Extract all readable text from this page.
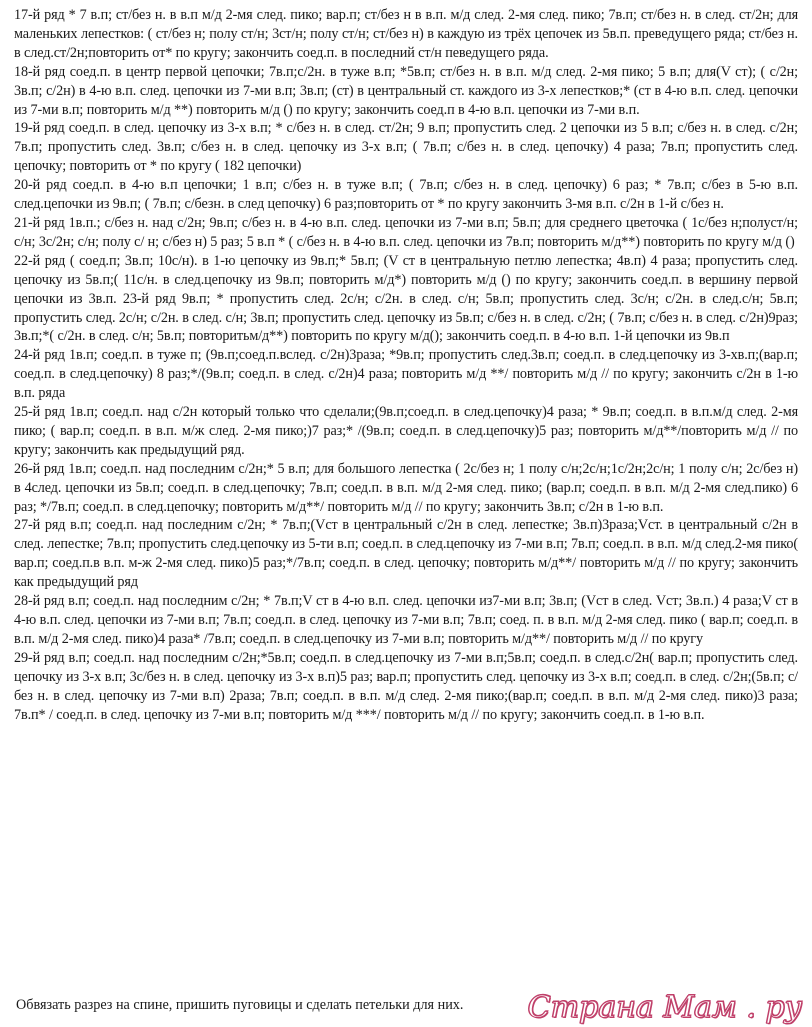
17-й ряд * 7 в.п; ст/без н. в в.п м/д 2-мя след. пико; вар.п; ст/без н в в.п. м/д след. 2-мя след. пико; 7в.п; ст/без н. в след. ст/2н; для маленьких лепестков: ( ст/без н; полу ст/н; 3ст/н; полу ст/н; ст/без н) в каждую из трёх цепочек из 5в.п. преведущего ряда; ст/без н. в след.ст/2н;повторить от* по кругу; закончить соед.п. в последний ст/н певедущего ряда.

18-й ряд соед.п. в центр первой цепочки; 7в.п;с/2н. в туже в.п; *5в.п; ст/без н. в в.п. м/д след. 2-мя пико; 5 в.п; для(V ст); ( с/2н; 3в.п; с/2н) в 4-ю в.п. след. цепочки из 7-ми в.п; 3в.п; (ст) в центральный ст. каждого из 3-х лепестков;* (ст в 4-ю в.п. след. цепочки из 7-ми в.п; повторить м/д **) повторить м/д () по кругу; закончить соед.п в 4-ю в.п. цепочки из 7-ми в.п.

19-й ряд соед.п. в след. цепочку из 3-х в.п; * с/без н. в след. ст/2н; 9 в.п; пропустить след. 2 цепочки из 5 в.п; с/без н. в след. с/2н; 7в.п; пропустить след. 3в.п; с/без н. в след. цепочку из 3-х в.п; ( 7в.п; с/без н. в след. цепочку) 4 раза; 7в.п; пропустить след. цепочку; повторить от * по кругу ( 182 цепочки)

20-й ряд соед.п. в 4-ю в.п цепочки; 1 в.п; с/без н. в туже в.п; ( 7в.п; с/без н. в след. цепочку) 6 раз; * 7в.п; с/без в 5-ю в.п. след.цепочки из 9в.п; ( 7в.п; с/безн. в след цепочку) 6 раз;повторить от * по кругу закончить 3-мя в.п. с/2н в 1-й с/без н.

21-й ряд 1в.п.; с/без н. над с/2н; 9в.п; с/без н. в 4-ю в.п. след. цепочки из 7-ми в.п; 5в.п; для среднего цветочка ( 1с/без н;полуст/н; с/н; 3с/2н; с/н; полу с/ н; с/без н) 5 раз; 5 в.п * ( с/без н. в 4-ю в.п. след. цепочки из 7в.п; повторить м/д**) повторить по кругу м/д ()

22-й ряд ( соед.п; 3в.п; 10с/н). в 1-ю цепочку из 9в.п;* 5в.п; (V ст в центральную петлю лепестка; 4в.п) 4 раза; пропустить след. цепочку из 5в.п;( 11с/н. в след.цепочку из 9в.п; повторить м/д*) повторить м/д () по кругу; закончить соед.п. в вершину первой цепочки из 3в.п. 23-й ряд 9в.п; * пропустить след. 2с/н; с/2н. в след. с/н; 5в.п; пропустить след. 3с/н; с/2н. в след.с/н; 5в.п; пропустить след. 2с/н; с/2н. в след. с/н; 3в.п; пропустить след. цепочку из 5в.п; с/без н. в след. с/2н; ( 7в.п; с/без н. в след. с/2н)9раз; 3в.п;*( с/2н. в след. с/н; 5в.п; повторитьм/д**) повторить по кругу м/д(); закончить соед.п. в 4-ю в.п. 1-й цепочки из 9в.п

24-й ряд 1в.п; соед.п. в туже п; (9в.п;соед.п.вслед. с/2н)3раза; *9в.п; пропустить след.3в.п; соед.п. в след.цепочку из 3-хв.п;(вар.п; соед.п. в след.цепочку) 8 раз;*/(9в.п; соед.п. в след. с/2н)4 раза; повторить м/д **/ повторить м/д // по кругу; закончить с/2н в 1-ю в.п. ряда

25-й ряд 1в.п; соед.п. над с/2н который только что сделали;(9в.п;соед.п. в след.цепочку)4 раза; * 9в.п; соед.п. в в.п.м/д след. 2-мя пико; ( вар.п; соед.п. в в.п. м/ж след. 2-мя пико;)7 раз;* /(9в.п; соед.п. в след.цепочку)5 раз; повторить м/д**/повторить м/д // по кругу; закончить как предыдущий ряд.

26-й ряд 1в.п; соед.п. над последним с/2н;* 5 в.п; для большого лепестка ( 2с/без н; 1 полу с/н;2с/н;1с/2н;2с/н; 1 полу с/н; 2с/без н) в 4след. цепочки из 5в.п; соед.п. в след.цепочку; 7в.п; соед.п. в в.п. м/д 2-мя след. пико; (вар.п; соед.п. в в.п. м/д 2-мя след.пико) 6 раз; */7в.п; соед.п. в след.цепочку; повторить м/д**/ повторить м/д // по кругу; закончить 3в.п; с/2н в 1-ю в.п.

27-й ряд в.п; соед.п. над последним с/2н; * 7в.п;(Vст в центральный с/2н в след. лепестке; 3в.п)3раза;Vст. в центральный с/2н в след. лепестке; 7в.п; пропустить след.цепочку из 5-ти в.п; соед.п. в след.цепочку из 7-ми в.п; 7в.п; соед.п. в в.п. м/д след.2-мя пико( вар.п; соед.п.в в.п. м-ж 2-мя след. пико)5 раз;*/7в.п; соед.п. в след. цепочку; повторить м/д**/ повторить м/д // по кругу; закончить как предыдущий ряд

28-й ряд в.п; соед.п. над последним с/2н; * 7в.п;V ст в 4-ю в.п. след. цепочки из7-ми в.п; 3в.п; (Vст в след. Vст; 3в.п.) 4 раза;V ст в 4-ю в.п. след. цепочки из 7-ми в.п; 7в.п; соед.п. в след. цепочку из 7-ми в.п; 7в.п; соед. п. в в.п. м/д 2-мя след. пико ( вар.п; соед.п. в в.п. м/д 2-мя след. пико)4 раза* /7в.п; соед.п. в след.цепочку из 7-ми в.п; повторить м/д**/ повторить м/д // по кругу

29-й ряд в.п; соед.п. над последним с/2н;*5в.п; соед.п. в след.цепочку из 7-ми в.п;5в.п; соед.п. в след.с/2н( вар.п; пропустить след. цепочку из 3-х в.п; 3с/без н. в след. цепочку из 3-х в.п)5 раз; вар.п; пропустить след. цепочку из 3-х в.п; соед.п. в след. с/2н;(5в.п; с/без н. в след. цепочку из 7-ми в.п) 2раза; 7в.п; соед.п. в в.п. м/д след. 2-мя пико;(вар.п; соед.п. в в.п. м/д 2-мя след. пико)3 раза; 7в.п* / соед.п. в след. цепочку из 7-ми в.п; повторить м/д ***/ повторить м/д // по кругу; закончить соед.п. в 1-ю в.п.

Обвязать разрез на спине, пришить пуговицы и сделать петельки для них. Страна Мам . ру
